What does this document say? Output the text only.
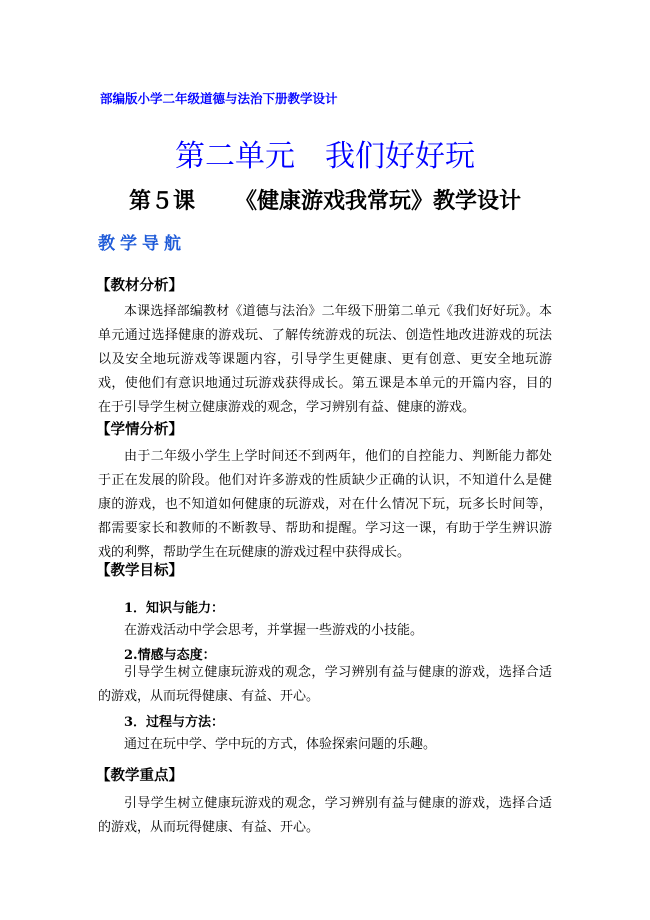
部编版小学二年级道德与法治下册教学设计
第二单元　我们好好玩
第５课 《健康游戏我常玩》教学设计
教学导航
【教材分析】

本课选择部编教材《道德与法治》二年级下册第二单元《我们好好玩》。本单元通过选择健康的游戏玩、了解传统游戏的玩法、创造性地改进游戏的玩法以及安全地玩游戏等课题内容，引导学生更健康、更有创意、更安全地玩游戏，使他们有意识地通过玩游戏获得成长。第五课是本单元的开篇内容，目的在于引导学生树立健康游戏的观念，学习辨别有益、健康的游戏。

【学情分析】

由于二年级小学生上学时间还不到两年，他们的自控能力、判断能力都处于正在发展的阶段。他们对许多游戏的性质缺少正确的认识，不知道什么是健康的游戏，也不知道如何健康的玩游戏，对在什么情况下玩，玩多长时间等，都需要家长和教师的不断教导、帮助和提醒。学习这一课，有助于学生辨识游戏的利弊，帮助学生在玩健康的游戏过程中获得成长。

【教学目标】
1．知识与能力：

在游戏活动中学会思考，并掌握一些游戏的小技能。

2.情感与态度：

引导学生树立健康玩游戏的观念，学习辨别有益与健康的游戏，选择合适的游戏，从而玩得健康、有益、开心。

3．过程与方法：

通过在玩中学、学中玩的方式，体验探索问题的乐趣。

【教学重点】

引导学生树立健康玩游戏的观念，学习辨别有益与健康的游戏，选择合适的游戏，从而玩得健康、有益、开心。
